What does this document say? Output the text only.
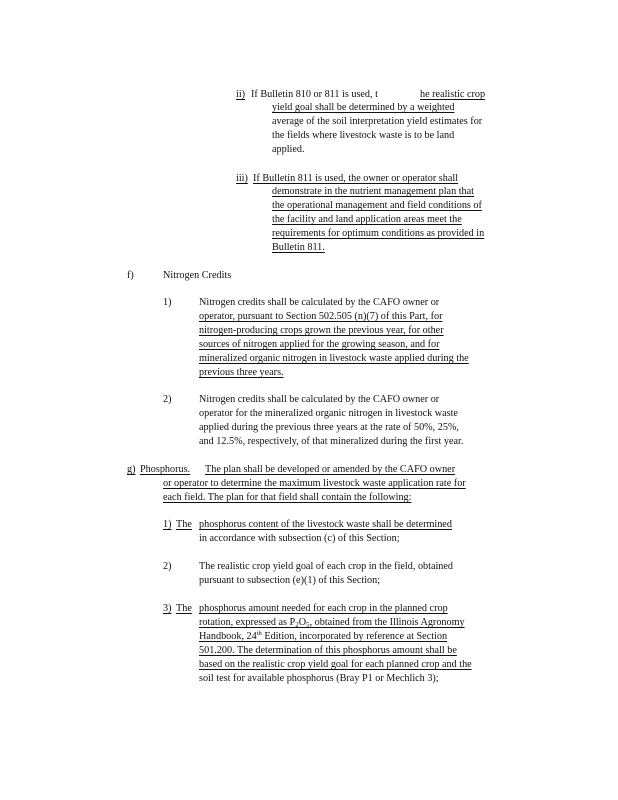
ii) If Bulletin 810 or 811 is used, t	he realistic crop
yield goal shall be determined by a weighted
average of the soil interpretation yield estimates for
the fields where livestock waste is to be land
applied.
iii) If Bulletin 811 is used, the owner or operator shall
demonstrate in the nutrient management plan that
the operational management and field conditions of
the facility and land application areas meet the
requirements for optimum conditions as provided in
Bulletin 811.
f)	Nitrogen Credits
1)	Nitrogen credits shall be calculated by the CAFO owner or
operator, pursuant to Section 502.505 (n)(7) of this Part, for
nitrogen-producing crops grown the previous year, for other
sources of nitrogen applied for the growing season, and for
mineralized organic nitrogen in livestock waste applied during the
previous three years.
2)	Nitrogen credits shall be calculated by the CAFO owner or
operator for the mineralized organic nitrogen in livestock waste
applied during the previous three years at the rate of 50%, 25%,
and 12.5%, respectively, of that mineralized during the first year.
g) Phosphorus. The plan shall be developed or amended by the CAFO owner
or operator to determine the maximum livestock waste application rate for
each field. The plan for that field shall contain the following:
1) The phosphorus content of the livestock waste shall be determined
in accordance with subsection (c) of this Section;
2)	The realistic crop yield goal of each crop in the field, obtained
pursuant to subsection (e)(1) of this Section;
3) The phosphorus amount needed for each crop in the planned crop
rotation, expressed as $P_2O_5$, obtained from the Illinois Agronomy
Handbook, 24th Edition, incorporated by reference at Section
501.200. The determination of this phosphorus amount shall be
based on the realistic crop yield goal for each planned crop and the
soil test for available phosphorus (Bray P1 or Mechlich 3);
